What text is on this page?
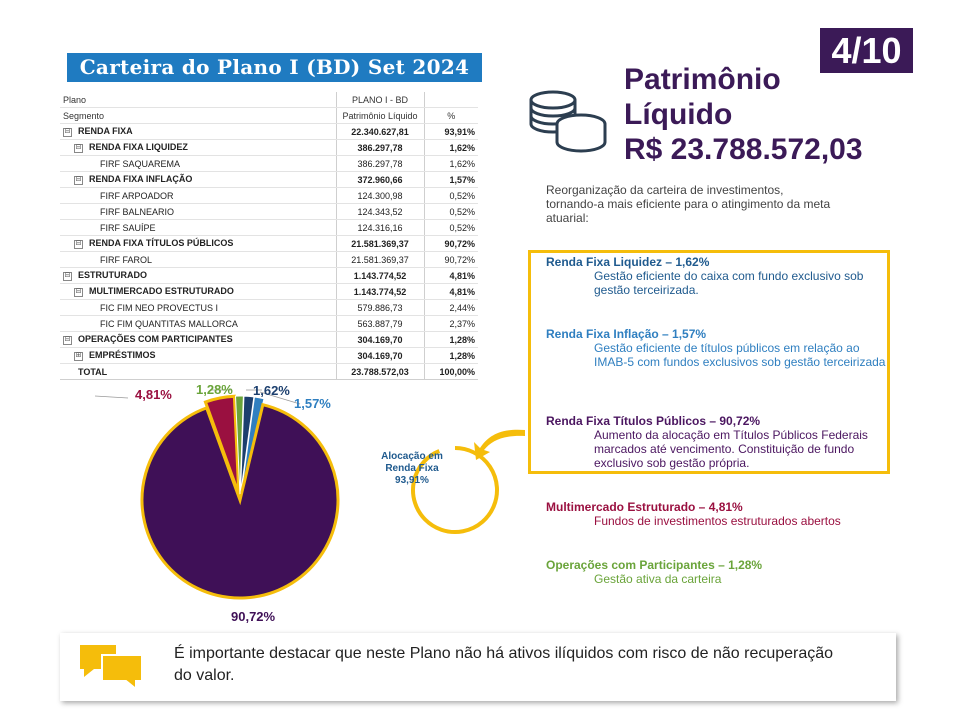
Carteira do Plano I (BD) Set 2024	4/10
Plano	PLANO I - BD	
Segmento	Patrimônio Líquido	%
⊟ RENDA FIXA	22.340.627,81	93,91%
⊟ RENDA FIXA LIQUIDEZ	386.297,78	1,62%
FIRF SAQUAREMA	386.297,78	1,62%
⊟ RENDA FIXA INFLAÇÃO	372.960,66	1,57%
FIRF ARPOADOR	124.300,98	0,52%
FIRF BALNEARIO	124.343,52	0,52%
FIRF SAUÍPE	124.316,16	0,52%
⊟ RENDA FIXA TÍTULOS PÚBLICOS	21.581.369,37	90,72%
FIRF FAROL	21.581.369,37	90,72%
⊟ ESTRUTURADO	1.143.774,52	4,81%
⊟ MULTIMERCADO ESTRUTURADO	1.143.774,52	4,81%
FIC FIM NEO PROVECTUS I	579.886,73	2,44%
FIC FIM QUANTITAS MALLORCA	563.887,79	2,37%
⊟ OPERAÇÕES COM PARTICIPANTES	304.169,70	1,28%
⊞ EMPRÉSTIMOS	304.169,70	1,28%
TOTAL	23.788.572,03	100,00%
Patrimônio
Líquido
R$ 23.788.572,03
Reorganização da carteira de investimentos, tornando-a mais eficiente para o atingimento da meta atuarial:
Renda Fixa Liquidez – 1,62%
Gestão eficiente do caixa com fundo exclusivo sob gestão terceirizada.
Renda Fixa Inflação – 1,57%
Gestão eficiente de títulos públicos em relação ao IMAB-5 com fundos exclusivos sob gestão terceirizada
Renda Fixa Títulos Públicos – 90,72%
Aumento da alocação em Títulos Públicos Federais marcados até vencimento. Constituição de fundo exclusivo sob gestão própria.
Multimercado Estruturado – 4,81%
Fundos de investimentos estruturados abertos
Operações com Participantes – 1,28%
Gestão ativa da carteira
4,81% 1,28% 1,62%
1,57%
90,72%
Alocação em Renda Fixa 93,91%
É importante destacar que neste Plano não há ativos ilíquidos com risco de não recuperação do valor.
